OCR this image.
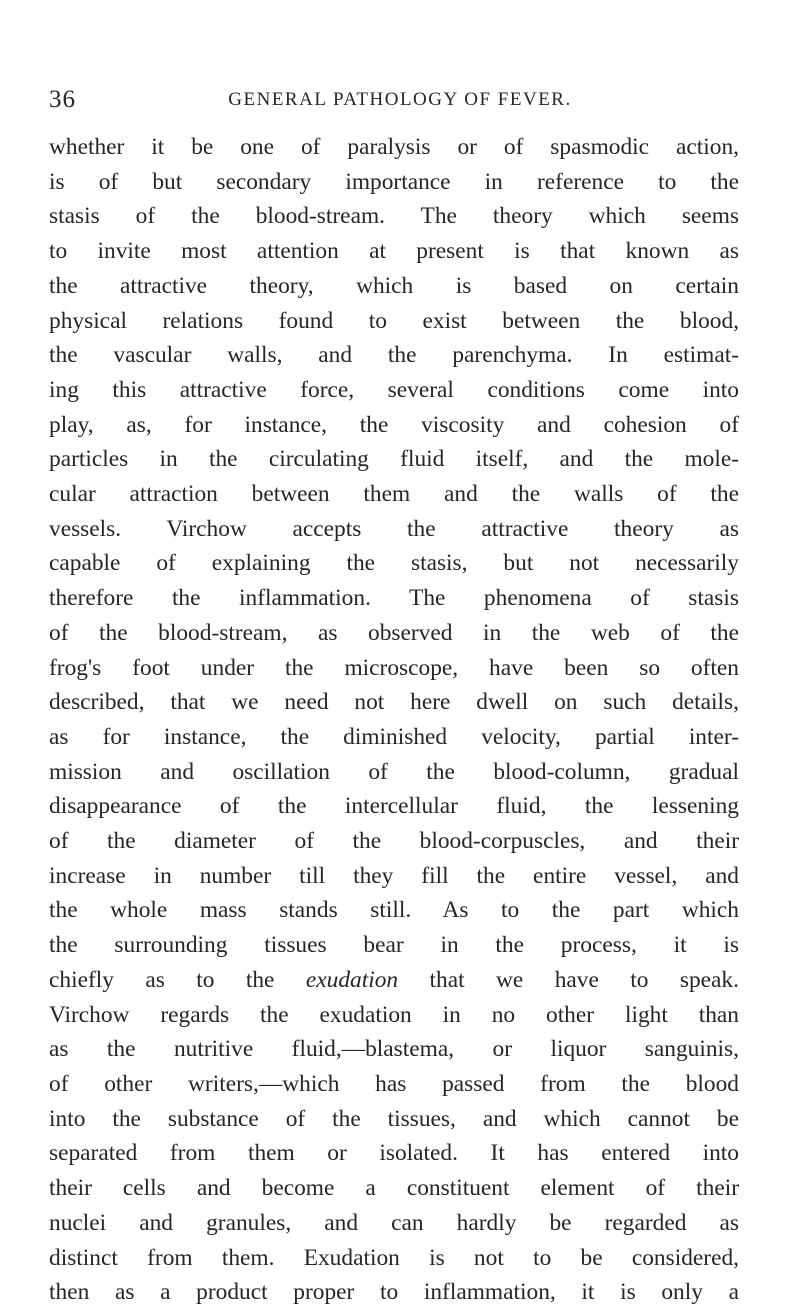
36	GENERAL PATHOLOGY OF FEVER.
whether it be one of paralysis or of spasmodic action,
is of but secondary importance in reference to the
stasis of the blood-stream. The theory which seems
to invite most attention at present is that known as
the attractive theory, which is based on certain
physical relations found to exist between the blood,
the vascular walls, and the parenchyma. In estimat-
ing this attractive force, several conditions come into
play, as, for instance, the viscosity and cohesion of
particles in the circulating fluid itself, and the mole-
cular attraction between them and the walls of the
vessels. Virchow accepts the attractive theory as
capable of explaining the stasis, but not necessarily
therefore the inflammation. The phenomena of stasis
of the blood-stream, as observed in the web of the
frog's foot under the microscope, have been so often
described, that we need not here dwell on such details,
as for instance, the diminished velocity, partial inter-
mission and oscillation of the blood-column, gradual
disappearance of the intercellular fluid, the lessening
of the diameter of the blood-corpuscles, and their
increase in number till they fill the entire vessel, and
the whole mass stands still. As to the part which
the surrounding tissues bear in the process, it is
chiefly as to the exudation that we have to speak.
Virchow regards the exudation in no other light than
as the nutritive fluid,—blastema, or liquor sanguinis,
of other writers,—which has passed from the blood
into the substance of the tissues, and which cannot be
separated from them or isolated. It has entered into
their cells and become a constituent element of their
nuclei and granules, and can hardly be regarded as
distinct from them. Exudation is not to be considered,
then as a product proper to inflammation, it is only a
